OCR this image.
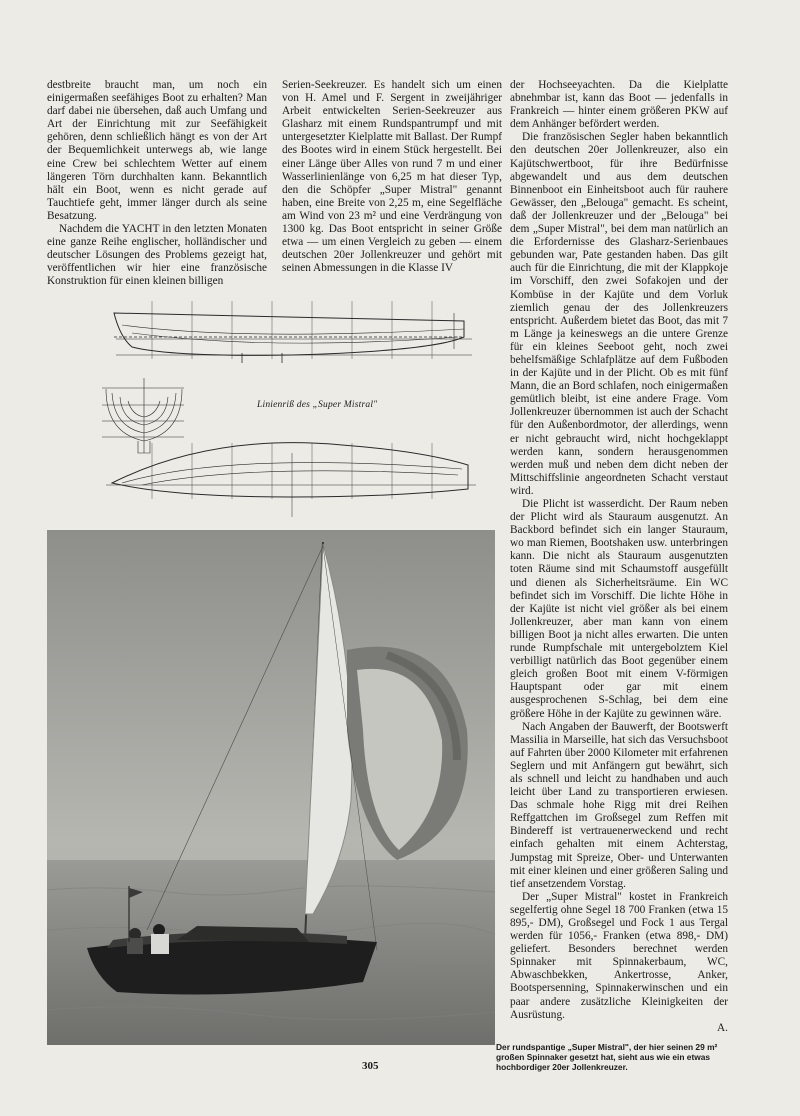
destbreite braucht man, um noch ein einigermaßen seefähiges Boot zu erhalten? Man darf dabei nie übersehen, daß auch Umfang und Art der Einrichtung mit zur Seefähigkeit gehören, denn schließlich hängt es von der Art der Bequemlichkeit unterwegs ab, wie lange eine Crew bei schlechtem Wetter auf einem längeren Törn durchhalten kann. Bekanntlich hält ein Boot, wenn es nicht gerade auf Tauchtiefe geht, immer länger durch als seine Besatzung.

Nachdem die YACHT in den letzten Monaten eine ganze Reihe englischer, holländischer und deutscher Lösungen des Problems gezeigt hat, veröffentlichen wir hier eine französische Konstruktion für einen kleinen billigen

Serien-Seekreuzer. Es handelt sich um einen von H. Amel und F. Sergent in zweijähriger Arbeit entwickelten Serien-Seekreuzer aus Glasharz mit einem Rundspantrumpf und mit untergesetzter Kielplatte mit Ballast. Der Rumpf des Bootes wird in einem Stück hergestellt. Bei einer Länge über Alles von rund 7 m und einer Wasserlinienlänge von 6,25 m hat dieser Typ, den die Schöpfer „Super Mistral" genannt haben, eine Breite von 2,25 m, eine Segelfläche am Wind von 23 m² und eine Verdrängung von 1300 kg. Das Boot entspricht in seiner Größe etwa — um einen Vergleich zu geben — einem deutschen 20er Jollenkreuzer und gehört mit seinen Abmessungen in die Klasse IV

der Hochseeyachten. Da die Kielplatte abnehmbar ist, kann das Boot — jedenfalls in Frankreich — hinter einem größeren PKW auf dem Anhänger befördert werden.

Die französischen Segler haben bekanntlich den deutschen 20er Jollenkreuzer, also ein Kajütschwertboot, für ihre Bedürfnisse abgewandelt und aus dem deutschen Binnenboot ein Einheitsboot auch für rauhere Gewässer, den „Belouga" gemacht. Es scheint, daß der Jollenkreuzer und der „Belouga" bei dem „Super Mistral", bei dem man natürlich an die Erfordernisse des Glasharz-Serienbaues gebunden war, Pate gestanden haben. Das gilt auch für die Einrichtung, die mit der Klappkoje im Vorschiff, den zwei Sofakojen und der Kombüse in der Kajüte und dem Vorluk ziemlich genau der des Jollenkreuzers entspricht. Außerdem bietet das Boot, das mit 7 m Länge ja keineswegs an die untere Grenze für ein kleines Seeboot geht, noch zwei behelfsmäßige Schlafplätze auf dem Fußboden in der Kajüte und in der Plicht. Ob es mit fünf Mann, die an Bord schlafen, noch einigermaßen gemütlich bleibt, ist eine andere Frage. Vom Jollenkreuzer übernommen ist auch der Schacht für den Außenbordmotor, der allerdings, wenn er nicht gebraucht wird, nicht hochgeklappt werden kann, sondern herausgenommen werden muß und neben dem dicht neben der Mittschiffslinie angeordneten Schacht verstaut wird.

Die Plicht ist wasserdicht. Der Raum neben der Plicht wird als Stauraum ausgenutzt. An Backbord befindet sich ein langer Stauraum, wo man Riemen, Bootshaken usw. unterbringen kann. Die nicht als Stauraum ausgenutzten toten Räume sind mit Schaumstoff ausgefüllt und dienen als Sicherheitsräume. Ein WC befindet sich im Vorschiff. Die lichte Höhe in der Kajüte ist nicht viel größer als bei einem Jollenkreuzer, aber man kann von einem billigen Boot ja nicht alles erwarten. Die unten runde Rumpfschale mit untergebolztem Kiel verbilligt natürlich das Boot gegenüber einem gleich großen Boot mit einem V-förmigen Hauptspant oder gar mit einem ausgesprochenen S-Schlag, bei dem eine größere Höhe in der Kajüte zu gewinnen wäre.

Nach Angaben der Bauwerft, der Bootswerft Massilia in Marseille, hat sich das Versuchsboot auf Fahrten über 2000 Kilometer mit erfahrenen Seglern und mit Anfängern gut bewährt, sich als schnell und leicht zu handhaben und auch leicht über Land zu transportieren erwiesen. Das schmale hohe Rigg mit drei Reihen Reffgattchen im Großsegel zum Reffen mit Bindereff ist vertrauenerweckend und recht einfach gehalten mit einem Achterstag, Jumpstag mit Spreize, Ober- und Unterwanten mit einer kleinen und einer größeren Saling und tief ansetzendem Vorstag.

Der „Super Mistral" kostet in Frankreich segelfertig ohne Segel 18 700 Franken (etwa 15 895,- DM), Großsegel und Fock 1 aus Tergal werden für 1056,- Franken (etwa 898,- DM) geliefert. Besonders berechnet werden Spinnaker mit Spinnakerbaum, WC, Abwaschbekken, Ankertrosse, Anker, Bootspersenning, Spinnakerwinschen und ein paar andere zusätzliche Kleinigkeiten der Ausrüstung.

A.

Linienriß des „Super Mistral"
Der rundspantige „Super Mistral", der hier seinen 29 m² großen Spinnaker gesetzt hat, sieht aus wie ein etwas hochbordiger 20er Jollenkreuzer.
305
